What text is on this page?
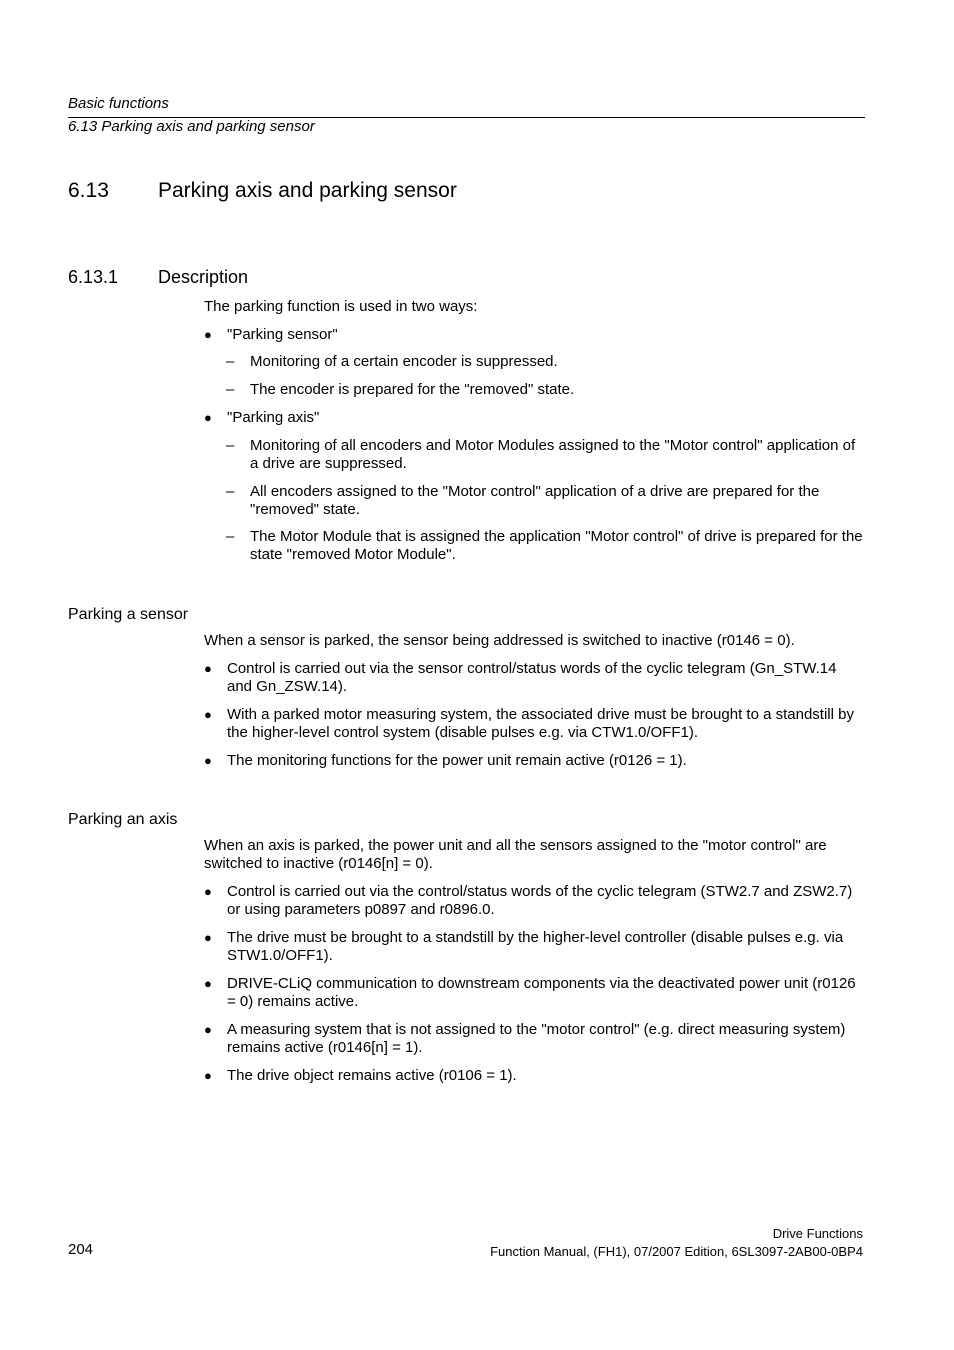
Basic functions
6.13 Parking axis and parking sensor
6.13 Parking axis and parking sensor
6.13.1 Description
The parking function is used in two ways:
● "Parking sensor"
– Monitoring of a certain encoder is suppressed.
– The encoder is prepared for the "removed" state.
● "Parking axis"
– Monitoring of all encoders and Motor Modules assigned to the "Motor control" application of a drive are suppressed.
– All encoders assigned to the "Motor control" application of a drive are prepared for the "removed" state.
– The Motor Module that is assigned the application "Motor control" of drive is prepared for the state "removed Motor Module".
Parking a sensor
When a sensor is parked, the sensor being addressed is switched to inactive (r0146 = 0).
● Control is carried out via the sensor control/status words of the cyclic telegram (Gn_STW.14 and Gn_ZSW.14).
● With a parked motor measuring system, the associated drive must be brought to a standstill by the higher-level control system (disable pulses e.g. via CTW1.0/OFF1).
● The monitoring functions for the power unit remain active (r0126 = 1).
Parking an axis
When an axis is parked, the power unit and all the sensors assigned to the "motor control" are switched to inactive (r0146[n] = 0).
● Control is carried out via the control/status words of the cyclic telegram (STW2.7 and ZSW2.7) or using parameters p0897 and r0896.0.
● The drive must be brought to a standstill by the higher-level controller (disable pulses e.g. via STW1.0/OFF1).
● DRIVE-CLiQ communication to downstream components via the deactivated power unit (r0126 = 0) remains active.
● A measuring system that is not assigned to the "motor control" (e.g. direct measuring system) remains active (r0146[n] = 1).
● The drive object remains active (r0106 = 1).
204
Drive Functions
Function Manual, (FH1), 07/2007 Edition, 6SL3097-2AB00-0BP4
